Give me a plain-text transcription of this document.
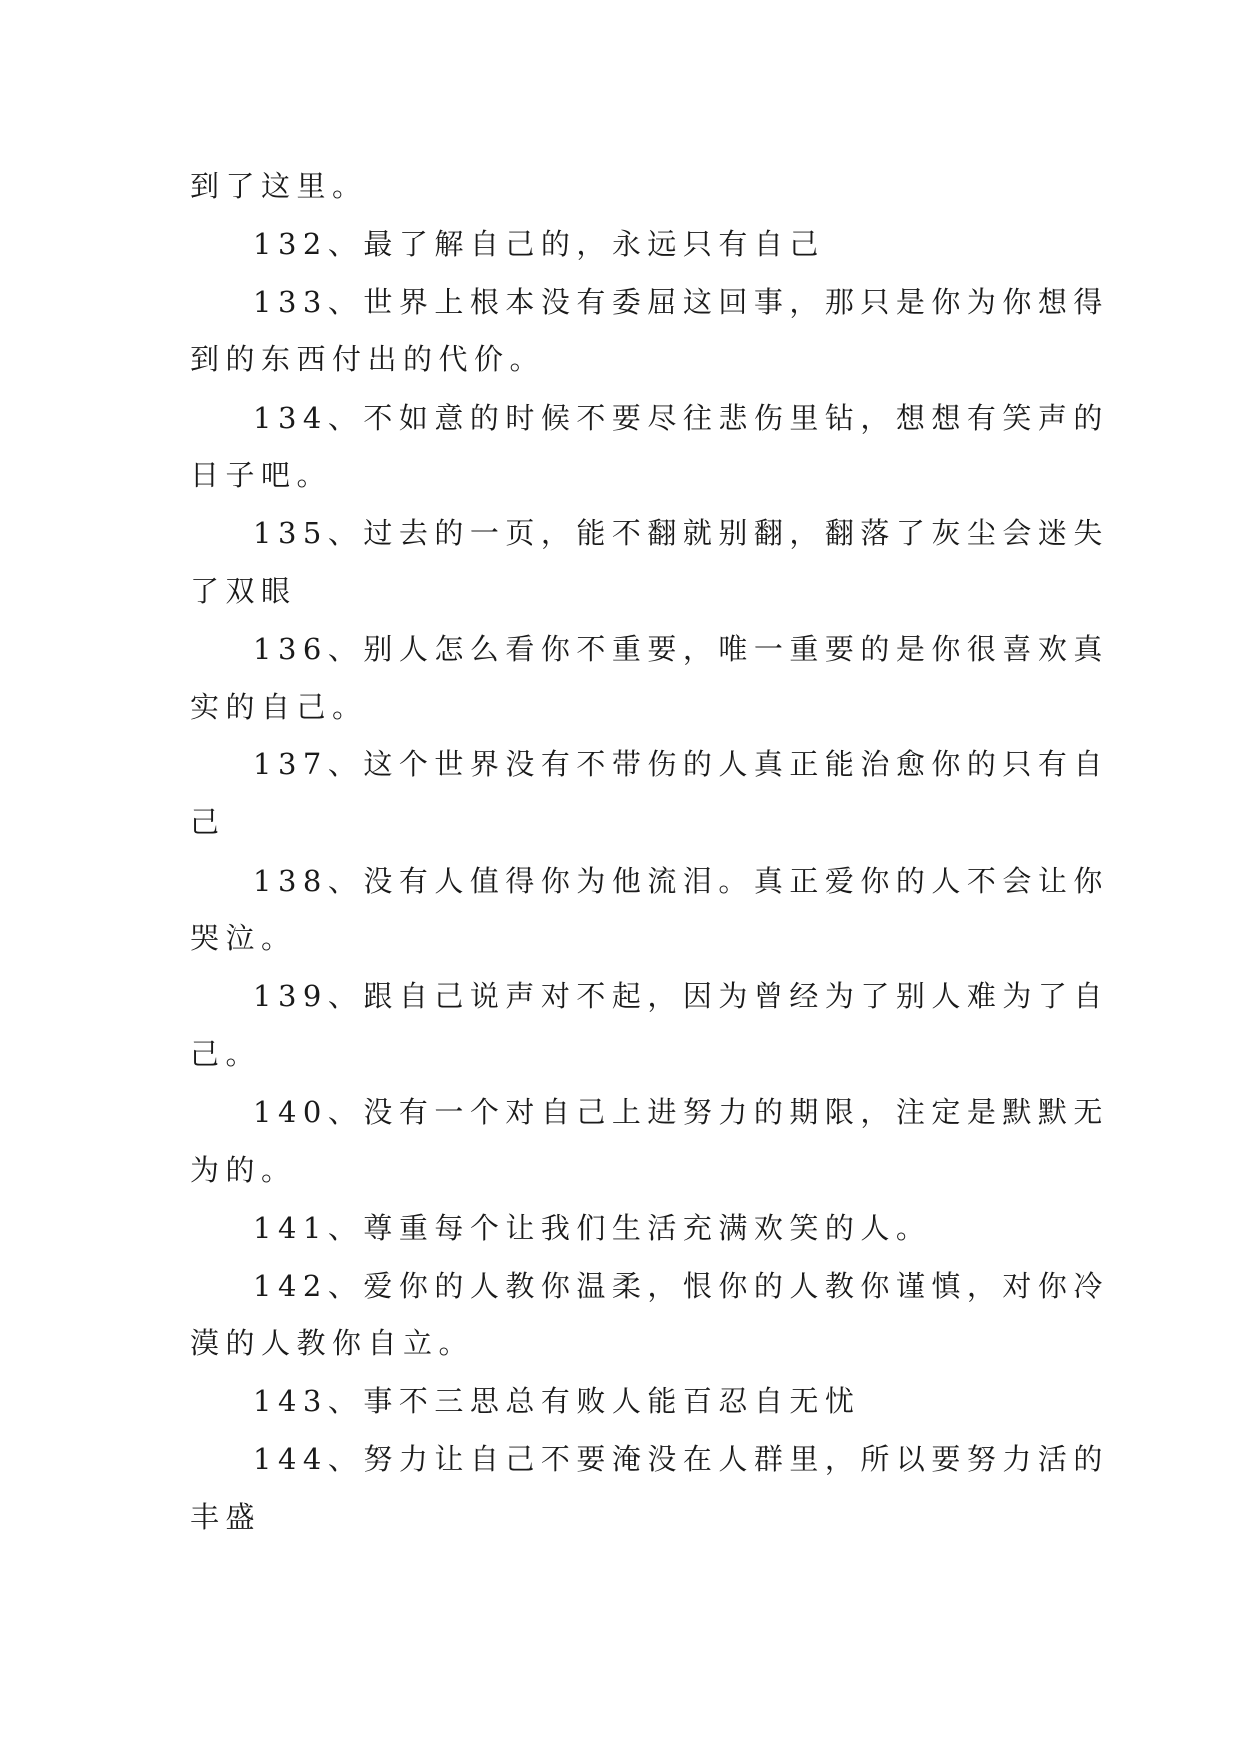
到了这里。

132、最了解自己的，永远只有自己

133、世界上根本没有委屈这回事，那只是你为你想得

到的东西付出的代价。

134、不如意的时候不要尽往悲伤里钻，想想有笑声的

日子吧。

135、过去的一页，能不翻就别翻，翻落了灰尘会迷失

了双眼

136、别人怎么看你不重要，唯一重要的是你很喜欢真

实的自己。

137、这个世界没有不带伤的人真正能治愈你的只有自

己

138、没有人值得你为他流泪。真正爱你的人不会让你

哭泣。

139、跟自己说声对不起，因为曾经为了别人难为了自

己。

140、没有一个对自己上进努力的期限，注定是默默无

为的。

141、尊重每个让我们生活充满欢笑的人。

142、爱你的人教你温柔，恨你的人教你谨慎，对你冷

漠的人教你自立。

143、事不三思总有败人能百忍自无忧

144、努力让自己不要淹没在人群里，所以要努力活的

丰盛
